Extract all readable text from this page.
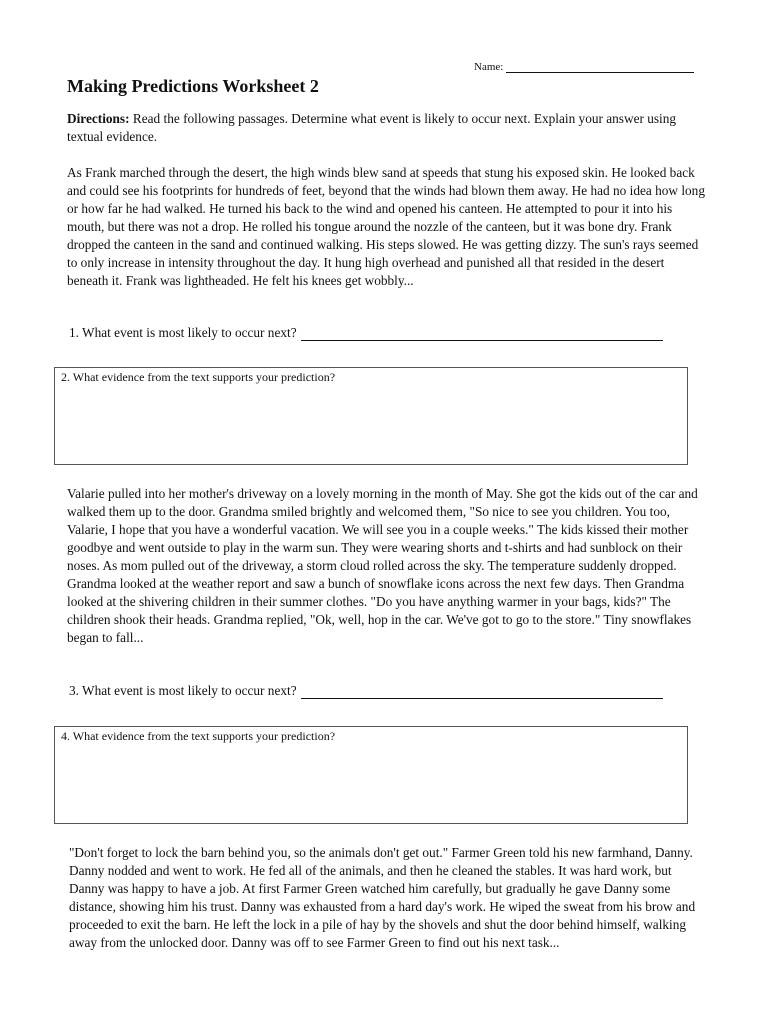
Name:
Making Predictions Worksheet 2

Directions: Read the following passages. Determine what event is likely to occur next. Explain your answer using textual evidence.

As Frank marched through the desert, the high winds blew sand at speeds that stung his exposed skin. He looked back and could see his footprints for hundreds of feet, beyond that the winds had blown them away. He had no idea how long or how far he had walked. He turned his back to the wind and opened his canteen. He attempted to pour it into his mouth, but there was not a drop. He rolled his tongue around the nozzle of the canteen, but it was bone dry. Frank dropped the canteen in the sand and continued walking. His steps slowed. He was getting dizzy. The sun's rays seemed to only increase in intensity throughout the day. It hung high overhead and punished all that resided in the desert beneath it. Frank was lightheaded. He felt his knees get wobbly...

1. What event is most likely to occur next?
2. What evidence from the text supports your prediction?

Valarie pulled into her mother's driveway on a lovely morning in the month of May. She got the kids out of the car and walked them up to the door. Grandma smiled brightly and welcomed them, "So nice to see you children. You too, Valarie, I hope that you have a wonderful vacation. We will see you in a couple weeks." The kids kissed their mother goodbye and went outside to play in the warm sun. They were wearing shorts and t-shirts and had sunblock on their noses. As mom pulled out of the driveway, a storm cloud rolled across the sky. The temperature suddenly dropped. Grandma looked at the weather report and saw a bunch of snowflake icons across the next few days. Then Grandma looked at the shivering children in their summer clothes. "Do you have anything warmer in your bags, kids?" The children shook their heads. Grandma replied, "Ok, well, hop in the car. We've got to go to the store." Tiny snowflakes began to fall...

3. What event is most likely to occur next?
4. What evidence from the text supports your prediction?

"Don't forget to lock the barn behind you, so the animals don't get out." Farmer Green told his new farmhand, Danny. Danny nodded and went to work. He fed all of the animals, and then he cleaned the stables. It was hard work, but Danny was happy to have a job. At first Farmer Green watched him carefully, but gradually he gave Danny some distance, showing him his trust. Danny was exhausted from a hard day's work. He wiped the sweat from his brow and proceeded to exit the barn. He left the lock in a pile of hay by the shovels and shut the door behind himself, walking away from the unlocked door. Danny was off to see Farmer Green to find out his next task...
